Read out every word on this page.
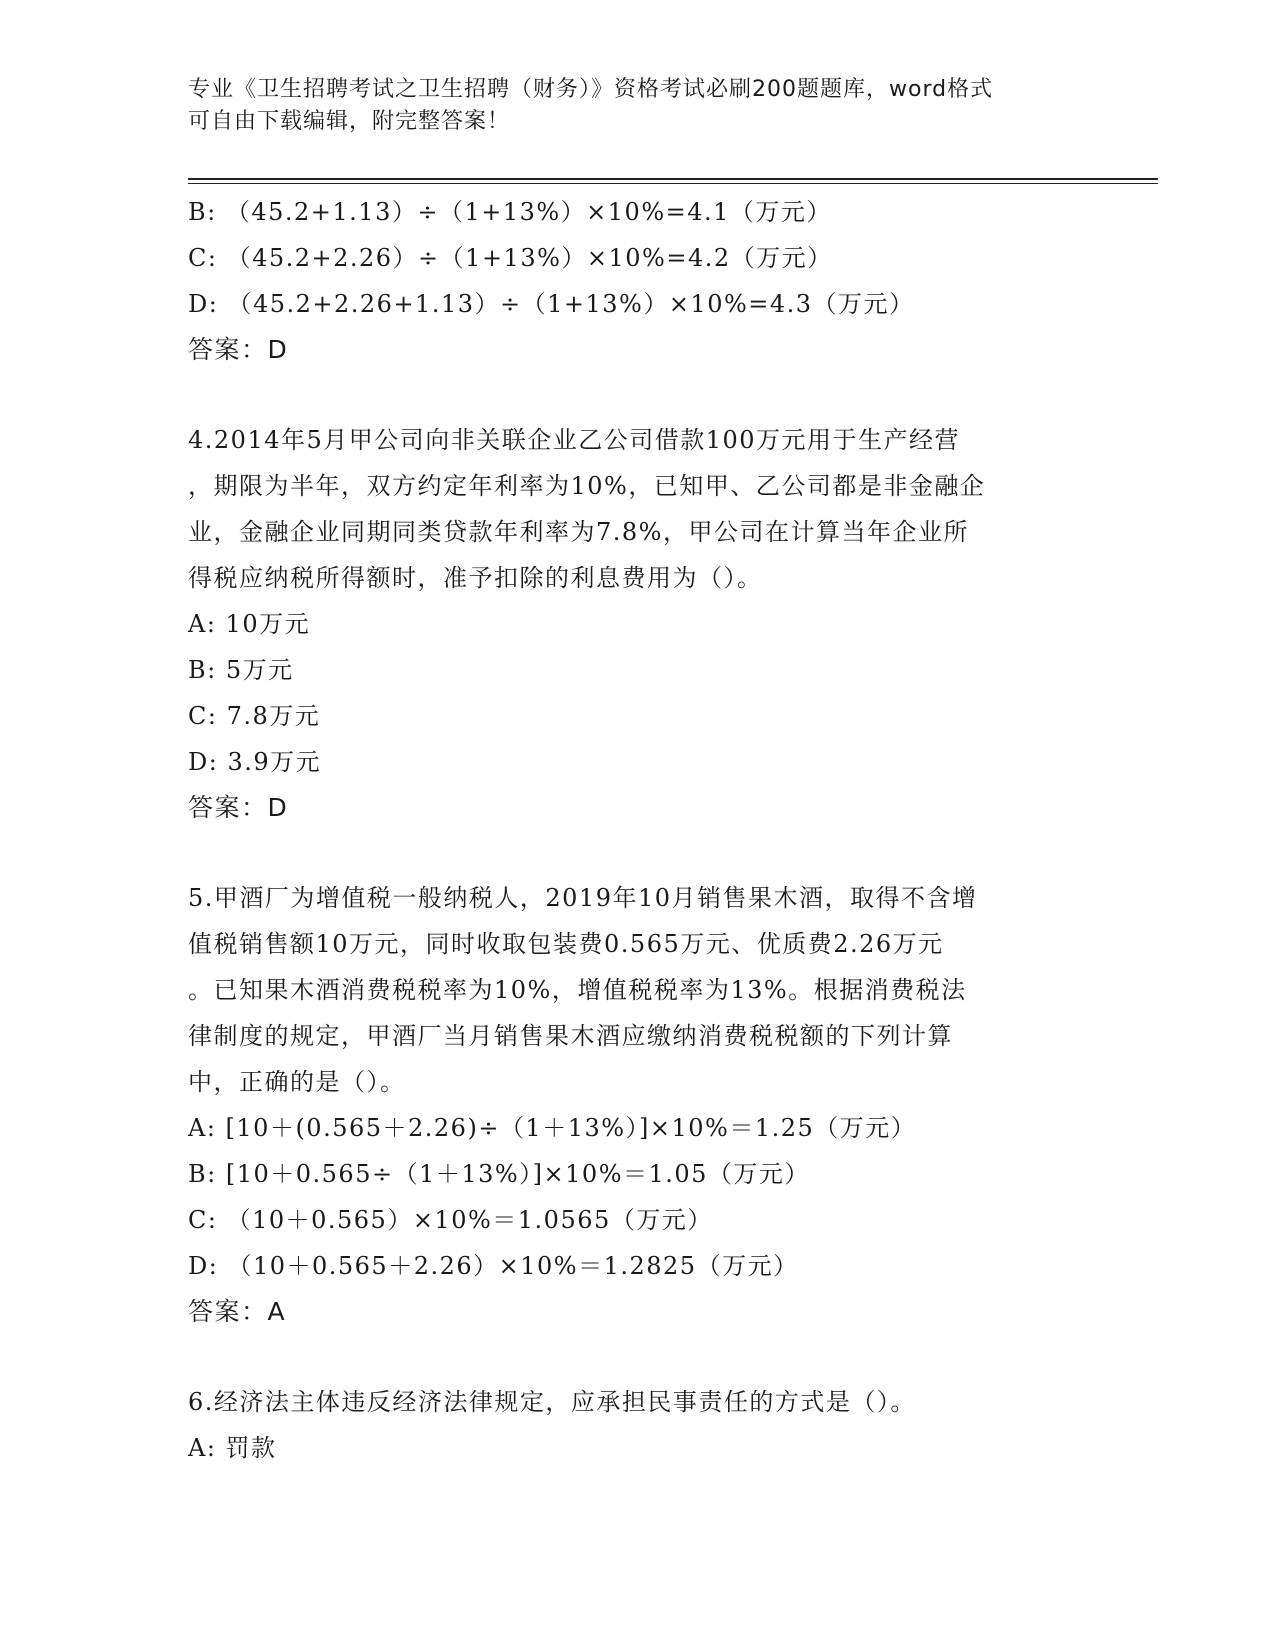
专业《卫生招聘考试之卫生招聘（财务）》资格考试必刷200题题库，word格式
可自由下载编辑，附完整答案！
B: （45.2+1.13）÷（1+13%）×10%=4.1（万元）
C: （45.2+2.26）÷（1+13%）×10%=4.2（万元）
D: （45.2+2.26+1.13）÷（1+13%）×10%=4.3（万元）
答案：D
4.2014年5月甲公司向非关联企业乙公司借款100万元用于生产经营
，期限为半年，双方约定年利率为10%，已知甲、乙公司都是非金融企
业，金融企业同期同类贷款年利率为7.8%，甲公司在计算当年企业所
得税应纳税所得额时，准予扣除的利息费用为（）。
A: 10万元
B: 5万元
C: 7.8万元
D: 3.9万元
答案：D
5.甲酒厂为增值税一般纳税人，2019年10月销售果木酒，取得不含增
值税销售额10万元，同时收取包装费0.565万元、优质费2.26万元
。已知果木酒消费税税率为10%，增值税税率为13%。根据消费税法
律制度的规定，甲酒厂当月销售果木酒应缴纳消费税税额的下列计算
中，正确的是（）。
A: [10＋(0.565＋2.26)÷（1＋13%）]×10%＝1.25（万元）
B: [10＋0.565÷（1＋13%）]×10%＝1.05（万元）
C: （10＋0.565）×10%＝1.0565（万元）
D: （10＋0.565＋2.26）×10%＝1.2825（万元）
答案：A
6.经济法主体违反经济法律规定，应承担民事责任的方式是（）。
A: 罚款
